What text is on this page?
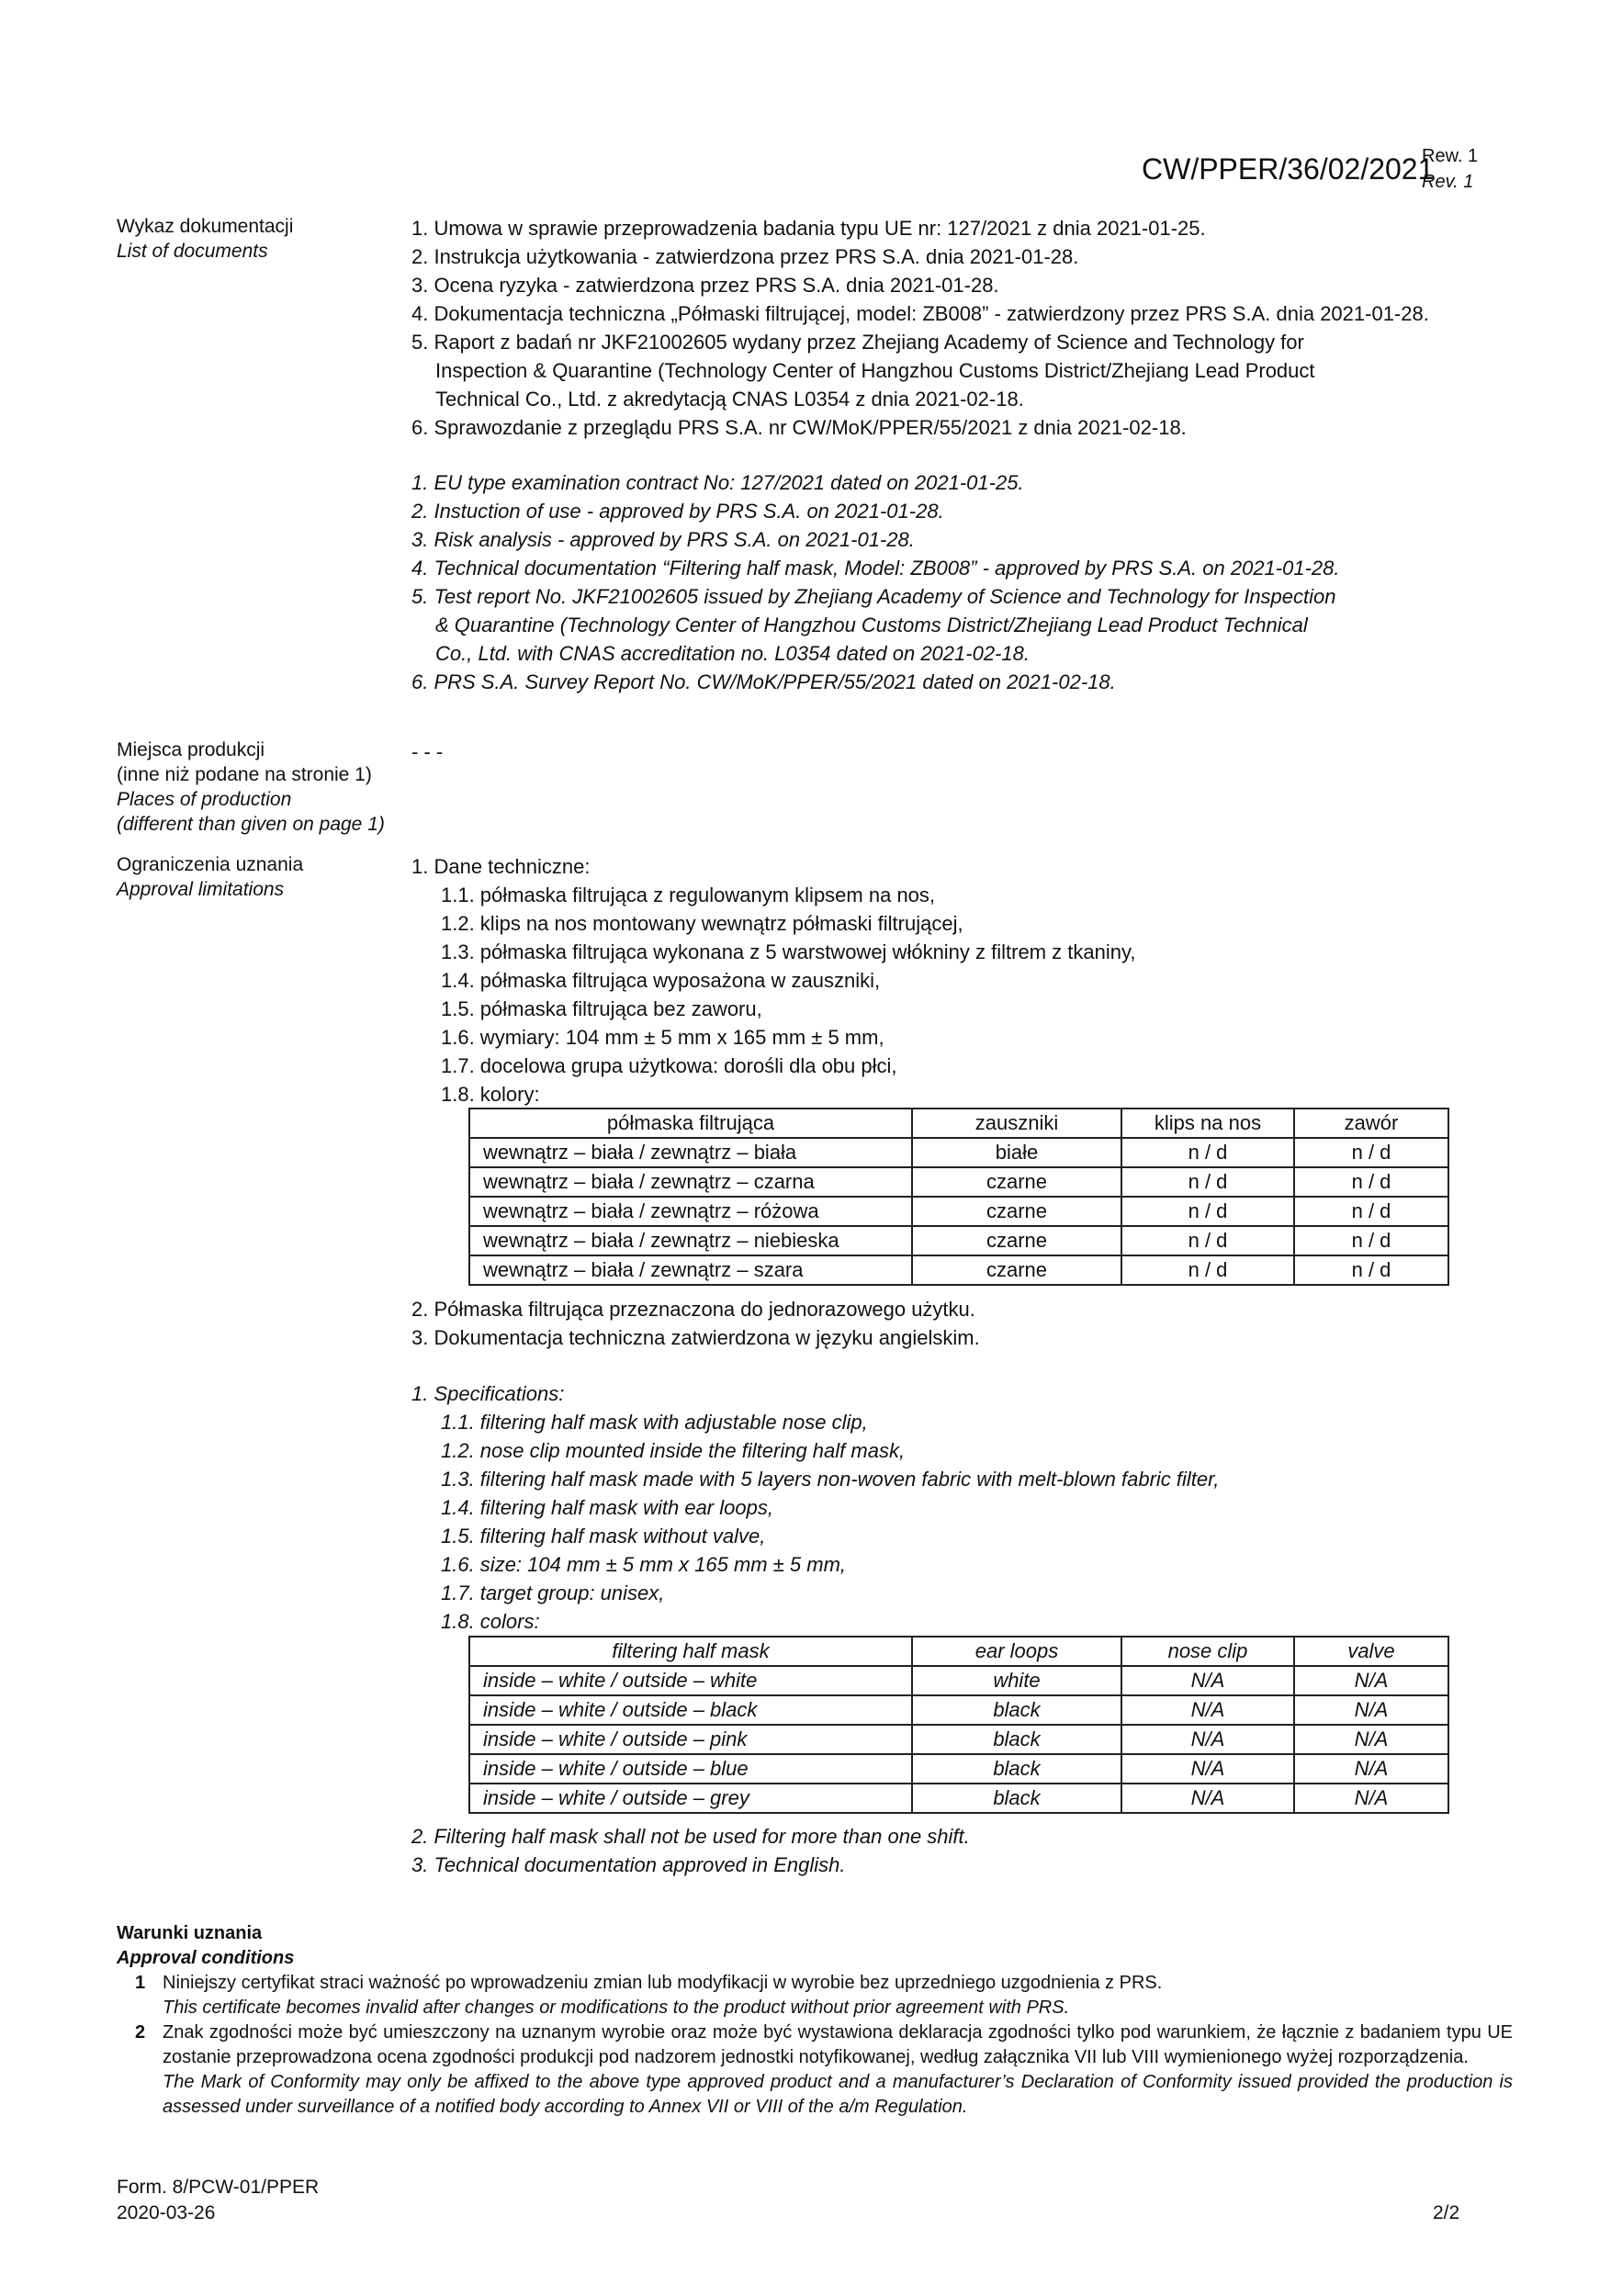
CW/PPER/36/02/2021
Rew. 1
Rev. 1
Wykaz dokumentacji
List of documents
1. Umowa w sprawie przeprowadzenia badania typu UE nr: 127/2021 z dnia 2021-01-25.
2. Instrukcja użytkowania - zatwierdzona przez PRS S.A. dnia 2021-01-28.
3. Ocena ryzyka - zatwierdzona przez PRS S.A. dnia 2021-01-28.
4. Dokumentacja techniczna „Półmaski filtrującej, model: ZB008” - zatwierdzony przez PRS S.A. dnia 2021-01-28.
5. Raport z badań nr JKF21002605 wydany przez Zhejiang Academy of Science and Technology for
Inspection & Quarantine (Technology Center of Hangzhou Customs District/Zhejiang Lead Product
Technical Co., Ltd. z akredytacją CNAS L0354 z dnia 2021-02-18.
6. Sprawozdanie z przeglądu PRS S.A. nr CW/MoK/PPER/55/2021 z dnia 2021-02-18.
1. EU type examination contract No: 127/2021 dated on 2021-01-25.
2. Instuction of use - approved by PRS S.A. on 2021-01-28.
3. Risk analysis - approved by PRS S.A. on 2021-01-28.
4. Technical documentation “Filtering half mask, Model: ZB008” - approved by PRS S.A. on 2021-01-28.
5. Test report No. JKF21002605 issued by Zhejiang Academy of Science and Technology for Inspection
& Quarantine (Technology Center of Hangzhou Customs District/Zhejiang Lead Product Technical
Co., Ltd. with CNAS accreditation no. L0354 dated on 2021-02-18.
6. PRS S.A. Survey Report No. CW/MoK/PPER/55/2021 dated on 2021-02-18.
Miejsca produkcji
(inne niż podane na stronie 1)
Places of production
(different than given on page 1)
- - -
Ograniczenia uznania
Approval limitations
1. Dane techniczne:
1.1. półmaska filtrująca z regulowanym klipsem na nos,
1.2. klips na nos montowany wewnątrz półmaski filtrującej,
1.3. półmaska filtrująca wykonana z 5 warstwowej włókniny z filtrem z tkaniny,
1.4. półmaska filtrująca wyposażona w zauszniki,
1.5. półmaska filtrująca bez zaworu,
1.6. wymiary: 104 mm ± 5 mm x 165 mm ± 5 mm,
1.7. docelowa grupa użytkowa: dorośli dla obu płci,
1.8. kolory:
półmaska filtrująca	zauszniki	klips na nos	zawór
wewnątrz – biała / zewnątrz – biała	białe	n / d	n / d
wewnątrz – biała / zewnątrz – czarna	czarne	n / d	n / d
wewnątrz – biała / zewnątrz – różowa	czarne	n / d	n / d
wewnątrz – biała / zewnątrz – niebieska	czarne	n / d	n / d
wewnątrz – biała / zewnątrz – szara	czarne	n / d	n / d
2. Półmaska filtrująca przeznaczona do jednorazowego użytku.
3. Dokumentacja techniczna zatwierdzona w języku angielskim.
1. Specifications:
1.1. filtering half mask with adjustable nose clip,
1.2. nose clip mounted inside the filtering half mask,
1.3. filtering half mask made with 5 layers non-woven fabric with melt-blown fabric filter,
1.4. filtering half mask with ear loops,
1.5. filtering half mask without valve,
1.6. size: 104 mm ± 5 mm x 165 mm ± 5 mm,
1.7. target group: unisex,
1.8. colors:
filtering half mask	ear loops	nose clip	valve
inside – white / outside – white	white	N/A	N/A
inside – white / outside – black	black	N/A	N/A
inside – white / outside – pink	black	N/A	N/A
inside – white / outside – blue	black	N/A	N/A
inside – white / outside – grey	black	N/A	N/A
2. Filtering half mask shall not be used for more than one shift.
3. Technical documentation approved in English.
Warunki uznania
Approval conditions
1 Niniejszy certyfikat straci ważność po wprowadzeniu zmian lub modyfikacji w wyrobie bez uprzedniego uzgodnienia z PRS.
This certificate becomes invalid after changes or modifications to the product without prior agreement with PRS.
2 Znak zgodności może być umieszczony na uznanym wyrobie oraz może być wystawiona deklaracja zgodności tylko pod warunkiem, że łącznie z badaniem typu UE zostanie przeprowadzona ocena zgodności produkcji pod nadzorem jednostki notyfikowanej, według załącznika VII lub VIII wymienionego wyżej rozporządzenia.
The Mark of Conformity may only be affixed to the above type approved product and a manufacturer’s Declaration of Conformity issued provided the production is assessed under surveillance of a notified body according to Annex VII or VIII of the a/m Regulation.
Form. 8/PCW-01/PPER
2020-03-26	2/2
